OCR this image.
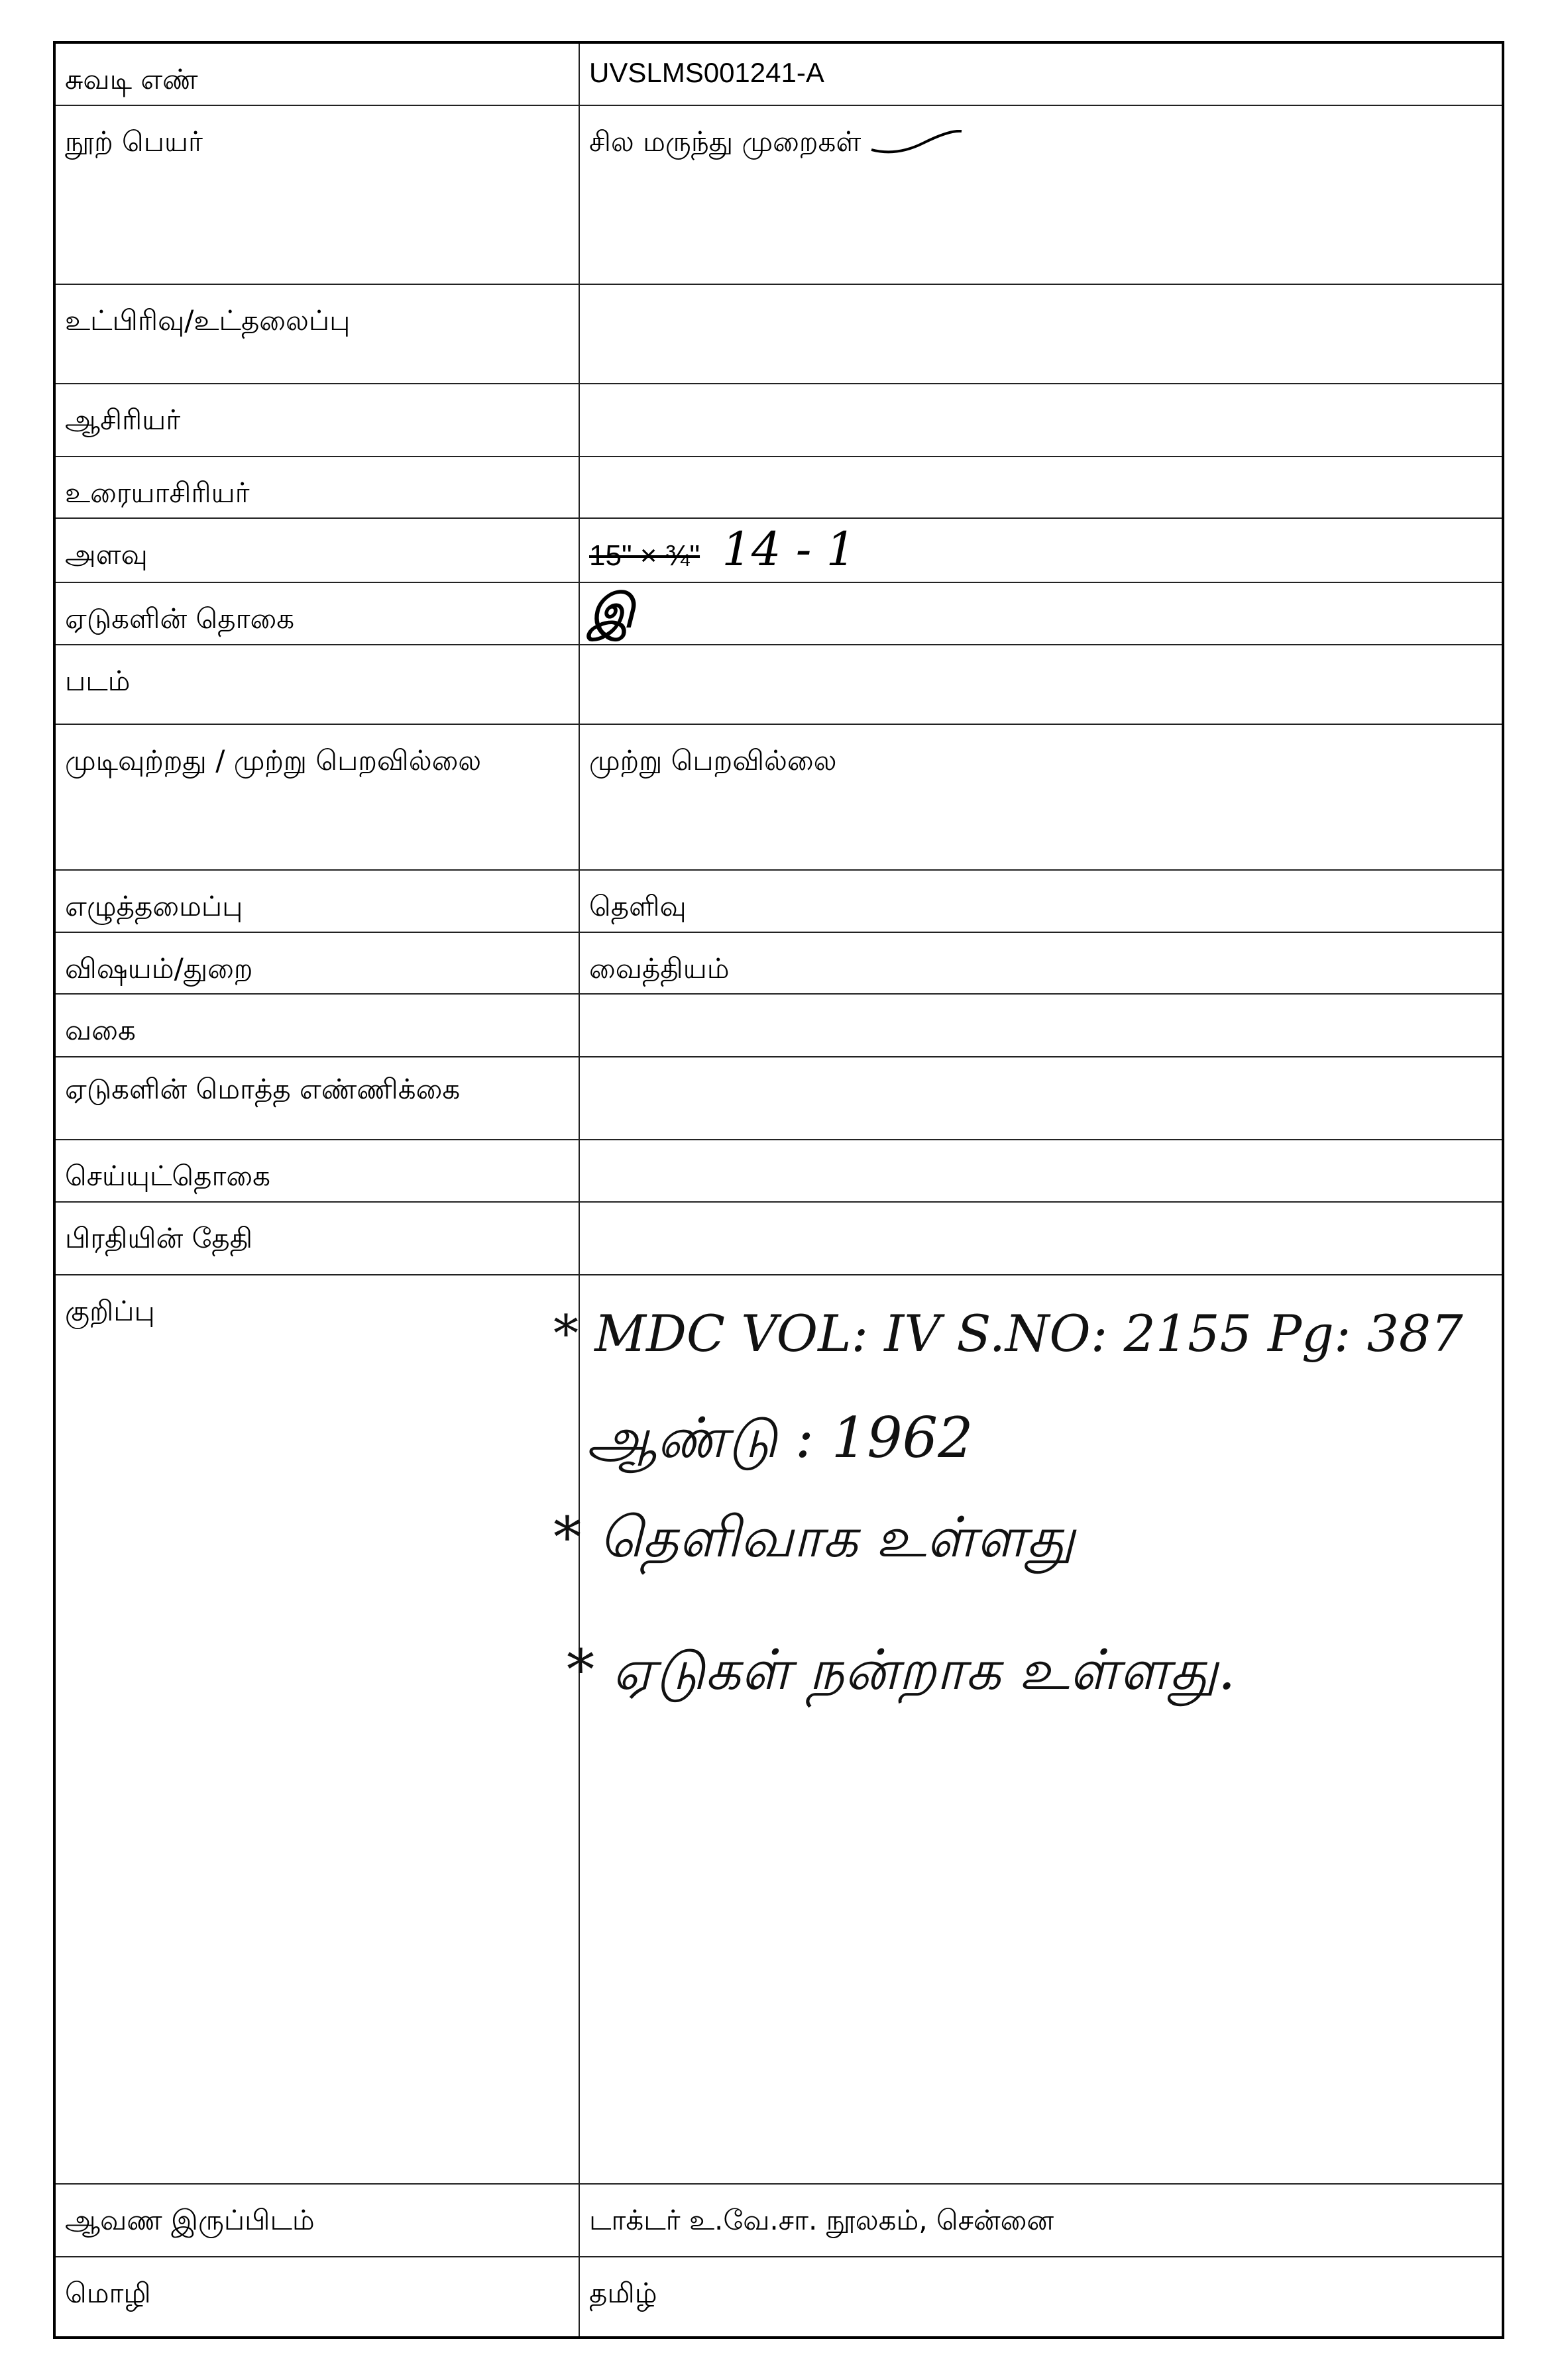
சுவடி எண்	UVSLMS001241-A
நூற் பெயர்	சில மருந்து முறைகள்
உட்பிரிவு/உட்தலைப்பு	
ஆசிரியர்	
உரையாசிரியர்	
அளவு	15" × ¾" 14 - 1
ஏடுகளின் தொகை	இ
படம்	
முடிவுற்றது / முற்று பெறவில்லை	முற்று பெறவில்லை
எழுத்தமைப்பு	தெளிவு
விஷயம்/துறை	வைத்தியம்
வகை	
ஏடுகளின் மொத்த எண்ணிக்கை	
செய்யுட்தொகை	
பிரதியின் தேதி	
குறிப்பு	* MDC VOL: IV S.NO: 2155 Pg: 387
ஆண்டு : 1962
* தெளிவாக உள்ளது
* ஏடுகள் நன்றாக உள்ளது.

ஆவண இருப்பிடம்	டாக்டர் உ.வே.சா. நூலகம், சென்னை
மொழி	தமிழ்
